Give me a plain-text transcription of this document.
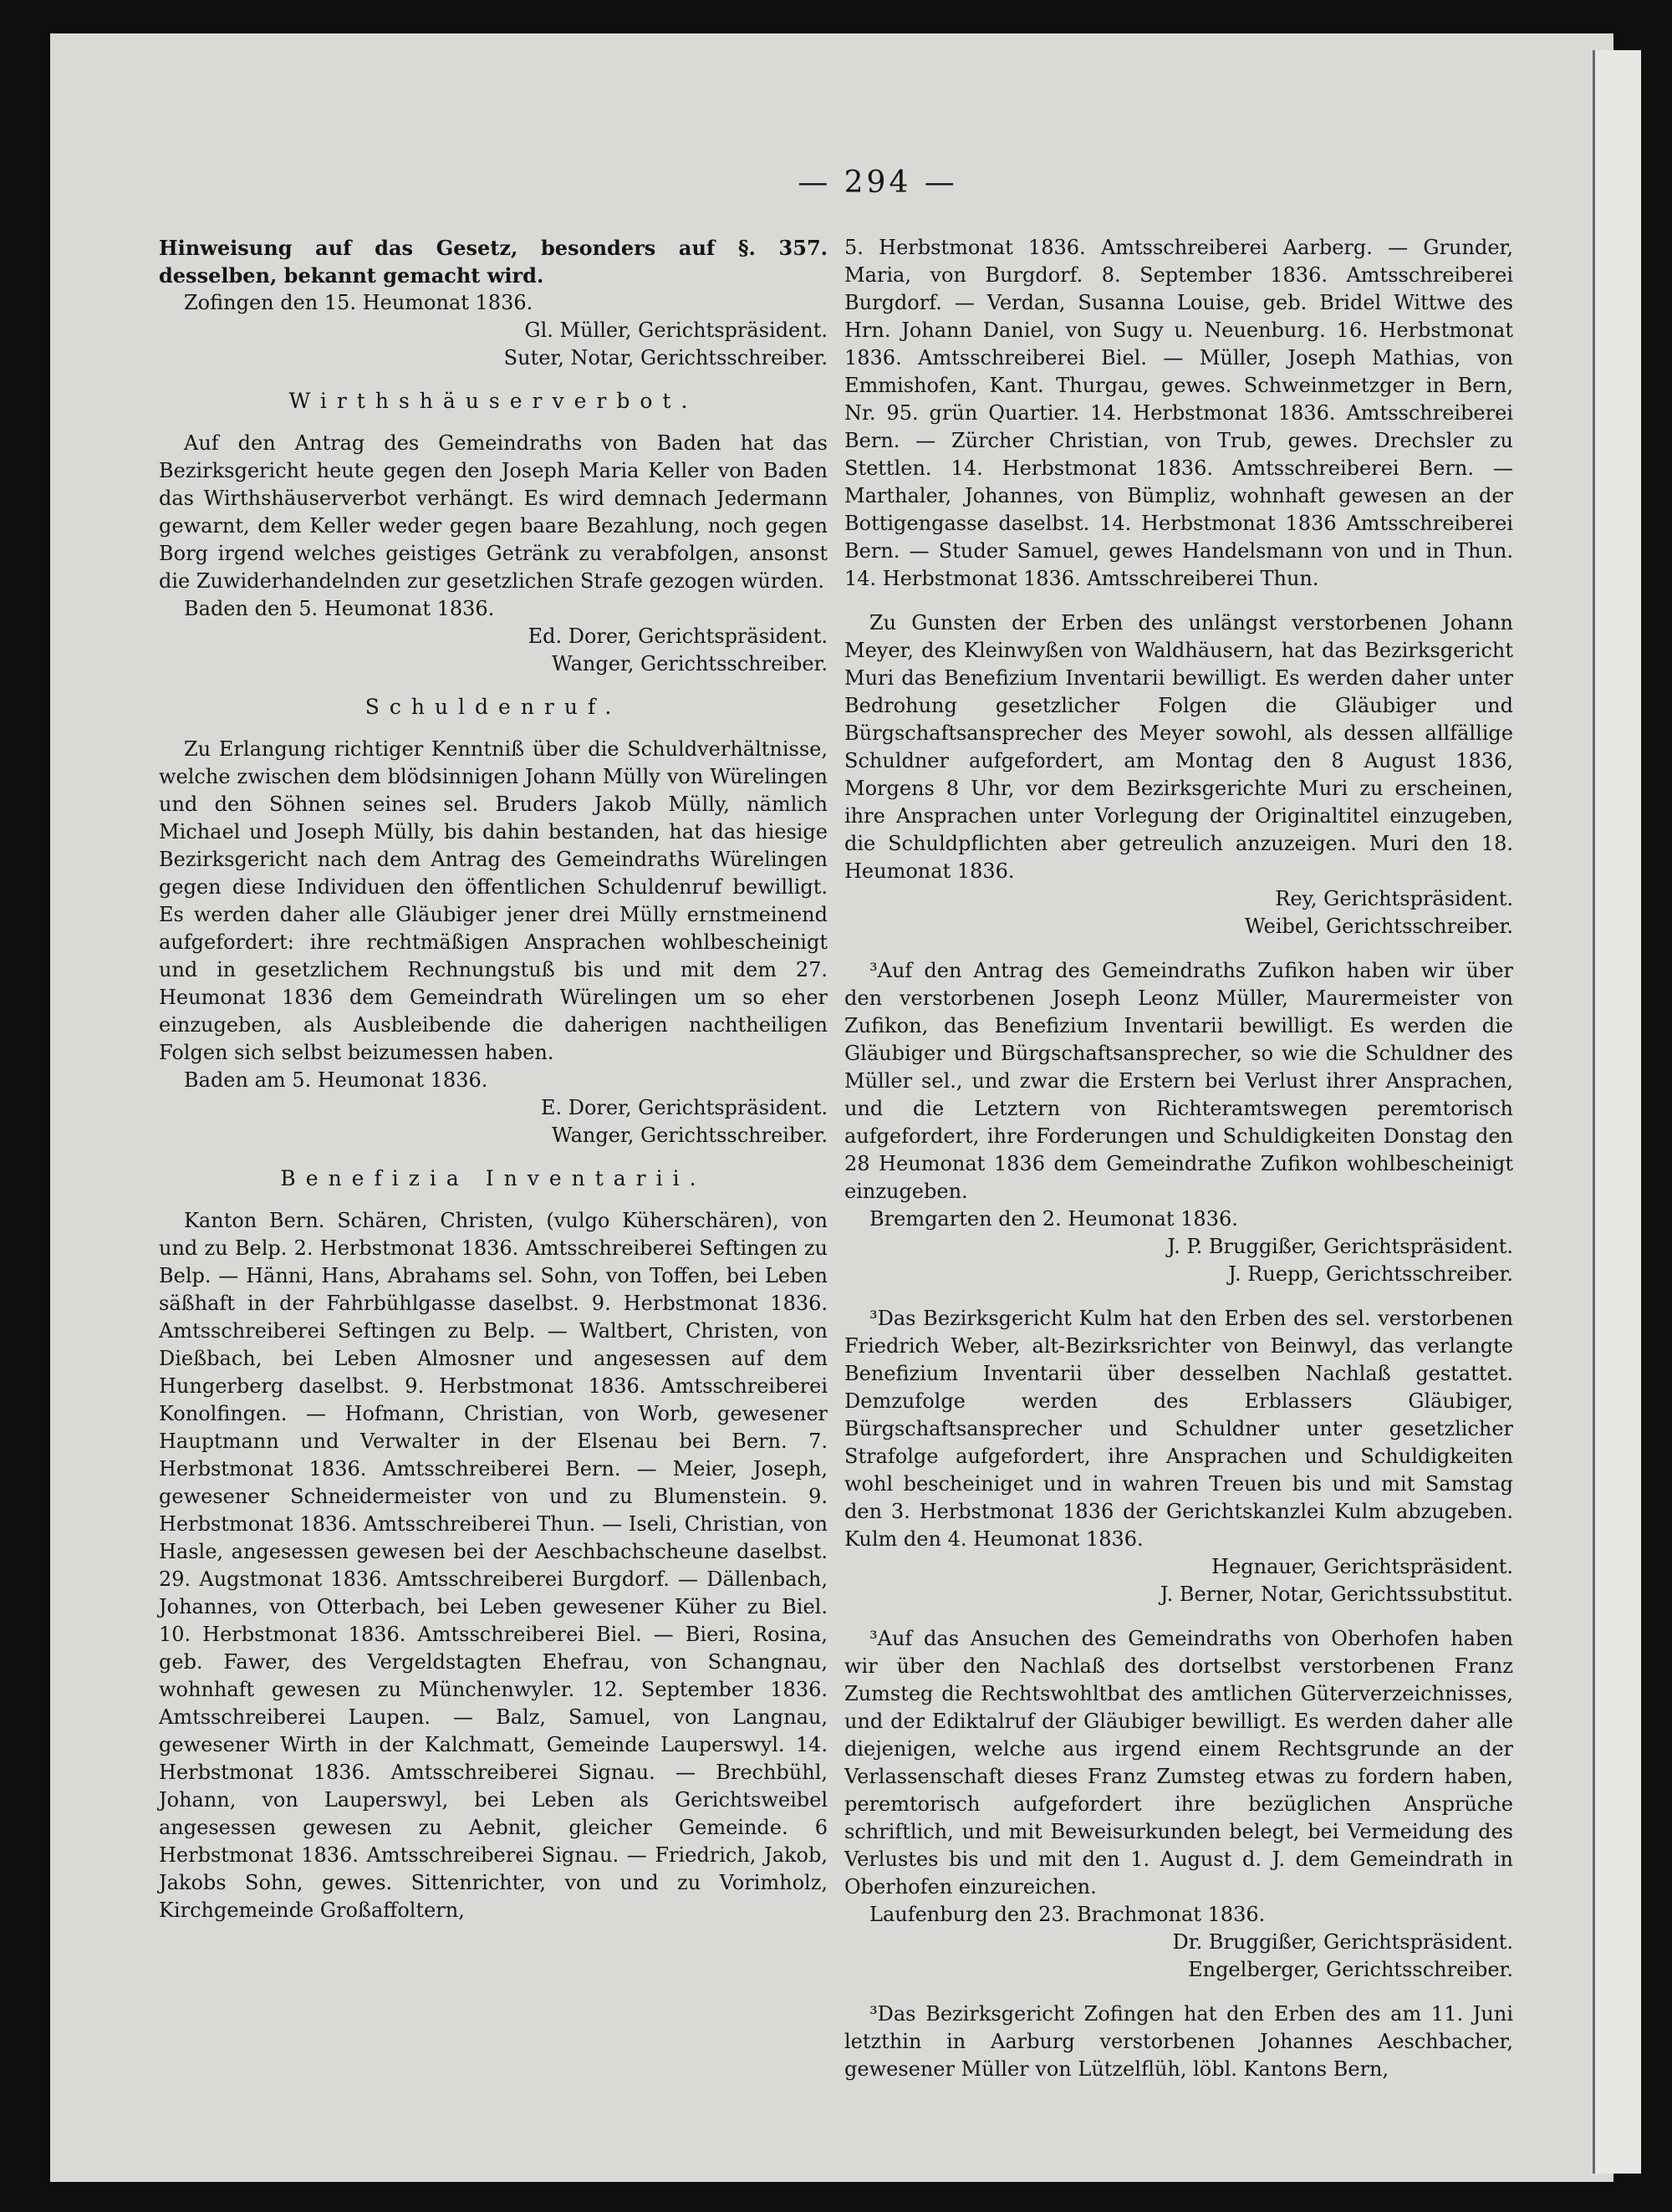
— 294 —

Hinweisung auf das Gesetz, besonders auf §. 357. desselben, bekannt gemacht wird.

Zofingen den 15. Heumonat 1836.

Gl. Müller, Gerichtspräsident.

Suter, Notar, Gerichtsschreiber.

Wirthshäuserverbot.

Auf den Antrag des Gemeindraths von Baden hat das Bezirksgericht heute gegen den Joseph Maria Keller von Baden das Wirthshäuserverbot verhängt. Es wird demnach Jedermann gewarnt, dem Keller weder gegen baare Bezahlung, noch gegen Borg irgend welches geistiges Getränk zu verabfolgen, ansonst die Zuwiderhandelnden zur gesetzlichen Strafe gezogen würden.

Baden den 5. Heumonat 1836.

Ed. Dorer, Gerichtspräsident.

Wanger, Gerichtsschreiber.

Schuldenruf.

Zu Erlangung richtiger Kenntniß über die Schuldverhältnisse, welche zwischen dem blödsinnigen Johann Mülly von Würelingen und den Söhnen seines sel. Bruders Jakob Mülly, nämlich Michael und Joseph Mülly, bis dahin bestanden, hat das hiesige Bezirksgericht nach dem Antrag des Gemeindraths Würelingen gegen diese Individuen den öffentlichen Schuldenruf bewilligt. Es werden daher alle Gläubiger jener drei Mülly ernstmeinend aufgefordert: ihre rechtmäßigen Ansprachen wohlbescheinigt und in gesetzlichem Rechnungstuß bis und mit dem 27. Heumonat 1836 dem Gemeindrath Würelingen um so eher einzugeben, als Ausbleibende die daherigen nachtheiligen Folgen sich selbst beizumessen haben.

Baden am 5. Heumonat 1836.

E. Dorer, Gerichtspräsident.

Wanger, Gerichtsschreiber.

Benefizia Inventarii.

Kanton Bern. Schären, Christen, (vulgo Küherschären), von und zu Belp. 2. Herbstmonat 1836. Amtsschreiberei Seftingen zu Belp. — Hänni, Hans, Abrahams sel. Sohn, von Toffen, bei Leben säßhaft in der Fahrbühlgasse daselbst. 9. Herbstmonat 1836. Amtsschreiberei Seftingen zu Belp. — Waltbert, Christen, von Dießbach, bei Leben Almosner und angesessen auf dem Hungerberg daselbst. 9. Herbstmonat 1836. Amtsschreiberei Konolfingen. — Hofmann, Christian, von Worb, gewesener Hauptmann und Verwalter in der Elsenau bei Bern. 7. Herbstmonat 1836. Amtsschreiberei Bern. — Meier, Joseph, gewesener Schneidermeister von und zu Blumenstein. 9. Herbstmonat 1836. Amtsschreiberei Thun. — Iseli, Christian, von Hasle, angesessen gewesen bei der Aeschbachscheune daselbst. 29. Augstmonat 1836. Amtsschreiberei Burgdorf. — Dällenbach, Johannes, von Otterbach, bei Leben gewesener Küher zu Biel. 10. Herbstmonat 1836. Amtsschreiberei Biel. — Bieri, Rosina, geb. Fawer, des Vergeldstagten Ehefrau, von Schangnau, wohnhaft gewesen zu Münchenwyler. 12. September 1836. Amtsschreiberei Laupen. — Balz, Samuel, von Langnau, gewesener Wirth in der Kalchmatt, Gemeinde Lauperswyl. 14. Herbstmonat 1836. Amtsschreiberei Signau. — Brechbühl, Johann, von Lauperswyl, bei Leben als Gerichtsweibel angesessen gewesen zu Aebnit, gleicher Gemeinde. 6 Herbstmonat 1836. Amtsschreiberei Signau. — Friedrich, Jakob, Jakobs Sohn, gewes. Sittenrichter, von und zu Vorimholz, Kirchgemeinde Großaffoltern,

5. Herbstmonat 1836. Amtsschreiberei Aarberg. — Grunder, Maria, von Burgdorf. 8. September 1836. Amtsschreiberei Burgdorf. — Verdan, Susanna Louise, geb. Bridel Wittwe des Hrn. Johann Daniel, von Sugy u. Neuenburg. 16. Herbstmonat 1836. Amtsschreiberei Biel. — Müller, Joseph Mathias, von Emmishofen, Kant. Thurgau, gewes. Schweinmetzger in Bern, Nr. 95. grün Quartier. 14. Herbstmonat 1836. Amtsschreiberei Bern. — Zürcher Christian, von Trub, gewes. Drechsler zu Stettlen. 14. Herbstmonat 1836. Amtsschreiberei Bern. — Marthaler, Johannes, von Bümpliz, wohnhaft gewesen an der Bottigengasse daselbst. 14. Herbstmonat 1836 Amtsschreiberei Bern. — Studer Samuel, gewes Handelsmann von und in Thun. 14. Herbstmonat 1836. Amtsschreiberei Thun.

Zu Gunsten der Erben des unlängst verstorbenen Johann Meyer, des Kleinwyßen von Waldhäusern, hat das Bezirksgericht Muri das Benefizium Inventarii bewilligt. Es werden daher unter Bedrohung gesetzlicher Folgen die Gläubiger und Bürgschaftsansprecher des Meyer sowohl, als dessen allfällige Schuldner aufgefordert, am Montag den 8 August 1836, Morgens 8 Uhr, vor dem Bezirksgerichte Muri zu erscheinen, ihre Ansprachen unter Vorlegung der Originaltitel einzugeben, die Schuldpflichten aber getreulich anzuzeigen. Muri den 18. Heumonat 1836.

Rey, Gerichtspräsident.

Weibel, Gerichtsschreiber.

³Auf den Antrag des Gemeindraths Zufikon haben wir über den verstorbenen Joseph Leonz Müller, Maurermeister von Zufikon, das Benefizium Inventarii bewilligt. Es werden die Gläubiger und Bürgschaftsansprecher, so wie die Schuldner des Müller sel., und zwar die Erstern bei Verlust ihrer Ansprachen, und die Letztern von Richteramtswegen peremtorisch aufgefordert, ihre Forderungen und Schuldigkeiten Donstag den 28 Heumonat 1836 dem Gemeindrathe Zufikon wohlbescheinigt einzugeben.

Bremgarten den 2. Heumonat 1836.

J. P. Bruggißer, Gerichtspräsident.

J. Ruepp, Gerichtsschreiber.

³Das Bezirksgericht Kulm hat den Erben des sel. verstorbenen Friedrich Weber, alt-Bezirksrichter von Beinwyl, das verlangte Benefizium Inventarii über desselben Nachlaß gestattet. Demzufolge werden des Erblassers Gläubiger, Bürgschaftsansprecher und Schuldner unter gesetzlicher Strafolge aufgefordert, ihre Ansprachen und Schuldigkeiten wohl bescheiniget und in wahren Treuen bis und mit Samstag den 3. Herbstmonat 1836 der Gerichtskanzlei Kulm abzugeben. Kulm den 4. Heumonat 1836.

Hegnauer, Gerichtspräsident.

J. Berner, Notar, Gerichtssubstitut.

³Auf das Ansuchen des Gemeindraths von Oberhofen haben wir über den Nachlaß des dortselbst verstorbenen Franz Zumsteg die Rechtswohltbat des amtlichen Güterverzeichnisses, und der Ediktalruf der Gläubiger bewilligt. Es werden daher alle diejenigen, welche aus irgend einem Rechtsgrunde an der Verlassenschaft dieses Franz Zumsteg etwas zu fordern haben, peremtorisch aufgefordert ihre bezüglichen Ansprüche schriftlich, und mit Beweisurkunden belegt, bei Vermeidung des Verlustes bis und mit den 1. August d. J. dem Gemeindrath in Oberhofen einzureichen.

Laufenburg den 23. Brachmonat 1836.

Dr. Bruggißer, Gerichtspräsident.

Engelberger, Gerichtsschreiber.

³Das Bezirksgericht Zofingen hat den Erben des am 11. Juni letzthin in Aarburg verstorbenen Johannes Aeschbacher, gewesener Müller von Lützelflüh, löbl. Kantons Bern,
